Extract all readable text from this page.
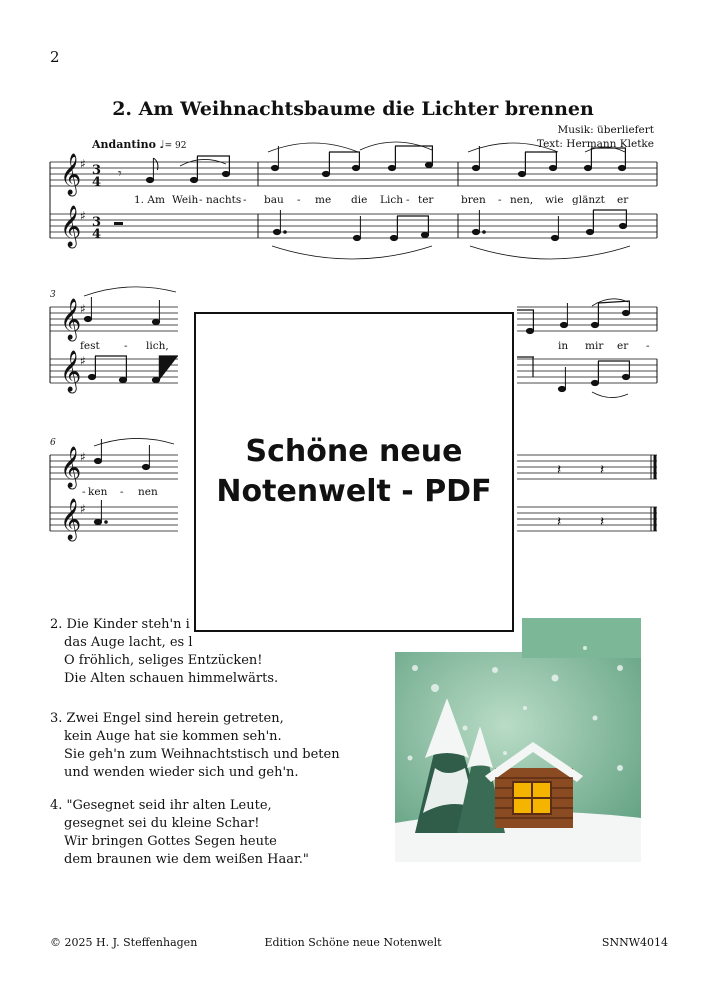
2
2. Am Weihnachtsbaume die Lichter brennen
Musik: überliefert
Text: Hermann Kletke
Andantino ♩= 92
𝄞
𝄞
𝄞
𝄞
𝄞
𝄞
♯
♯
♯
♯
♯
♯
3
4
3
4
𝄾
𝄽	𝄽
𝄽	𝄽
3
6
1. Am Weih - nachts - bau - me die Lich - ter	bren - nen, wie glänzt er
fest - lich,	in mir er -
- ken - nen
2. Die Kinder steh'n i
das Auge lacht, es l
O fröhlich, seliges Entzücken!
Die Alten schauen himmelwärts.
3. Zwei Engel sind herein getreten,
kein Auge hat sie kommen seh'n.
Sie geh'n zum Weihnachtstisch und beten
und wenden wieder sich und geh'n.
4. "Gesegnet seid ihr alten Leute,
gesegnet sei du kleine Schar!
Wir bringen Gottes Segen heute
dem braunen wie dem weißen Haar."
Schöne neue
Notenwelt - PDF
© 2025 H. J. Steffenhagen	Edition Schöne neue Notenwelt	SNNW4014
